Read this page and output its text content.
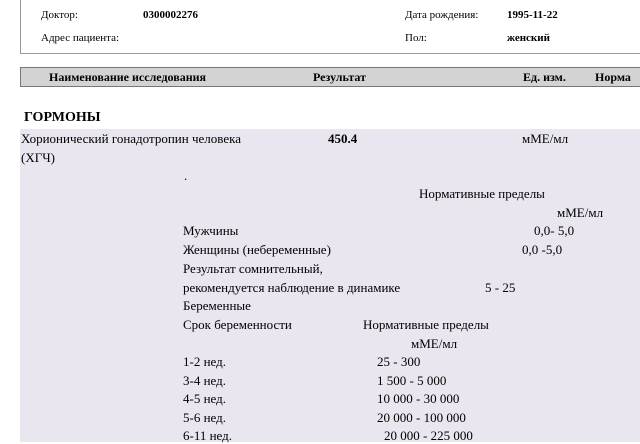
Доктор:	0300002276
Адрес пациента:
Дата рождения:	1995-11-22
Пол:	женский
Наименование исследования	Результат	Ед. изм. Норма
ГОРМОНЫ
Хорионический гонадотропин человека
(ХГЧ)
450.4	мМЕ/мл
.
Нормативные пределы
мМЕ/мл
Мужчины	0,0- 5,0
Женщины (небеременные)	0,0 -5,0
Результат сомнительный,
рекомендуется наблюдение в динамике	5 - 25
Беременные
Срок беременности	Нормативные пределы
мМЕ/мл
1-2 нед.	25 - 300
3-4 нед.	1 500 - 5 000
4-5 нед.	10 000 - 30 000
5-6 нед.	20 000 - 100 000
6-11 нед.	20 000 - 225 000
